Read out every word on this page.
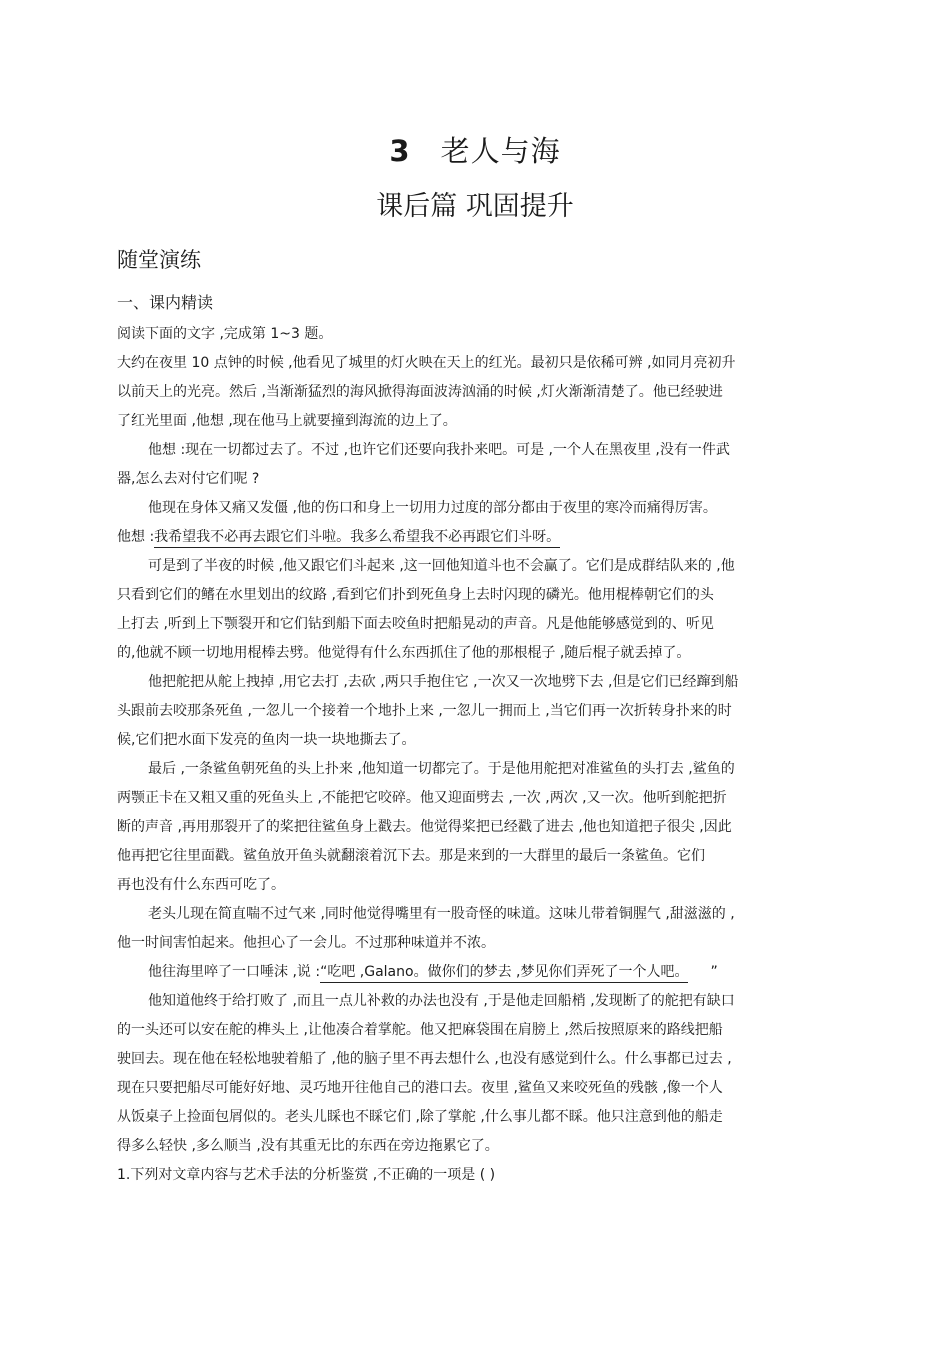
3 老人与海
课后篇 巩固提升
随堂演练
一、课内精读
阅读下面的文字 ,完成第 1~3 题。
大约在夜里 10 点钟的时候 ,他看见了城里的灯火映在天上的红光。最初只是依稀可辨 ,如同月亮初升
以前天上的光亮。然后 ,当渐渐猛烈的海风掀得海面波涛汹涌的时候 ,灯火渐渐清楚了。他已经驶进
了红光里面 ,他想 ,现在他马上就要撞到海流的边上了。
他想 :现在一切都过去了。不过 ,也许它们还要向我扑来吧。可是 ,一个人在黑夜里 ,没有一件武
器,怎么去对付它们呢 ?
他现在身体又痛又发僵 ,他的伤口和身上一切用力过度的部分都由于夜里的寒冷而痛得厉害。
他想 :我希望我不必再去跟它们斗啦。我多么希望我不必再跟它们斗呀。
可是到了半夜的时候 ,他又跟它们斗起来 ,这一回他知道斗也不会赢了。它们是成群结队来的 ,他
只看到它们的鳍在水里划出的纹路 ,看到它们扑到死鱼身上去时闪现的磷光。他用棍棒朝它们的头
上打去 ,听到上下颚裂开和它们钻到船下面去咬鱼时把船晃动的声音。凡是他能够感觉到的、听见
的,他就不顾一切地用棍棒去劈。他觉得有什么东西抓住了他的那根棍子 ,随后棍子就丢掉了。
他把舵把从舵上拽掉 ,用它去打 ,去砍 ,两只手抱住它 ,一次又一次地劈下去 ,但是它们已经蹿到船
头跟前去咬那条死鱼 ,一忽儿一个接着一个地扑上来 ,一忽儿一拥而上 ,当它们再一次折转身扑来的时
候,它们把水面下发亮的鱼肉一块一块地撕去了。
最后 ,一条鲨鱼朝死鱼的头上扑来 ,他知道一切都完了。于是他用舵把对准鲨鱼的头打去 ,鲨鱼的
两颚正卡在又粗又重的死鱼头上 ,不能把它咬碎。他又迎面劈去 ,一次 ,两次 ,又一次。他听到舵把折
断的声音 ,再用那裂开了的桨把往鲨鱼身上戳去。他觉得桨把已经戳了进去 ,他也知道把子很尖 ,因此
他再把它往里面戳。鲨鱼放开鱼头就翻滚着沉下去。那是来到的一大群里的最后一条鲨鱼。它们
再也没有什么东西可吃了。
老头儿现在简直喘不过气来 ,同时他觉得嘴里有一股奇怪的味道。这味儿带着铜腥气 ,甜滋滋的 ,
他一时间害怕起来。他担心了一会儿。不过那种味道并不浓。
他往海里啐了一口唾沫 ,说 :“吃吧 ,Galano。做你们的梦去 ,梦见你们弄死了一个人吧。 ”
他知道他终于给打败了 ,而且一点儿补救的办法也没有 ,于是他走回船梢 ,发现断了的舵把有缺口
的一头还可以安在舵的榫头上 ,让他凑合着掌舵。他又把麻袋围在肩膀上 ,然后按照原来的路线把船
驶回去。现在他在轻松地驶着船了 ,他的脑子里不再去想什么 ,也没有感觉到什么。什么事都已过去 ,
现在只要把船尽可能好好地、灵巧地开往他自己的港口去。夜里 ,鲨鱼又来咬死鱼的残骸 ,像一个人
从饭桌子上捡面包屑似的。老头儿睬也不睬它们 ,除了掌舵 ,什么事儿都不睬。他只注意到他的船走
得多么轻快 ,多么顺当 ,没有其重无比的东西在旁边拖累它了。
1.下列对文章内容与艺术手法的分析鉴赏 ,不正确的一项是 ( )
